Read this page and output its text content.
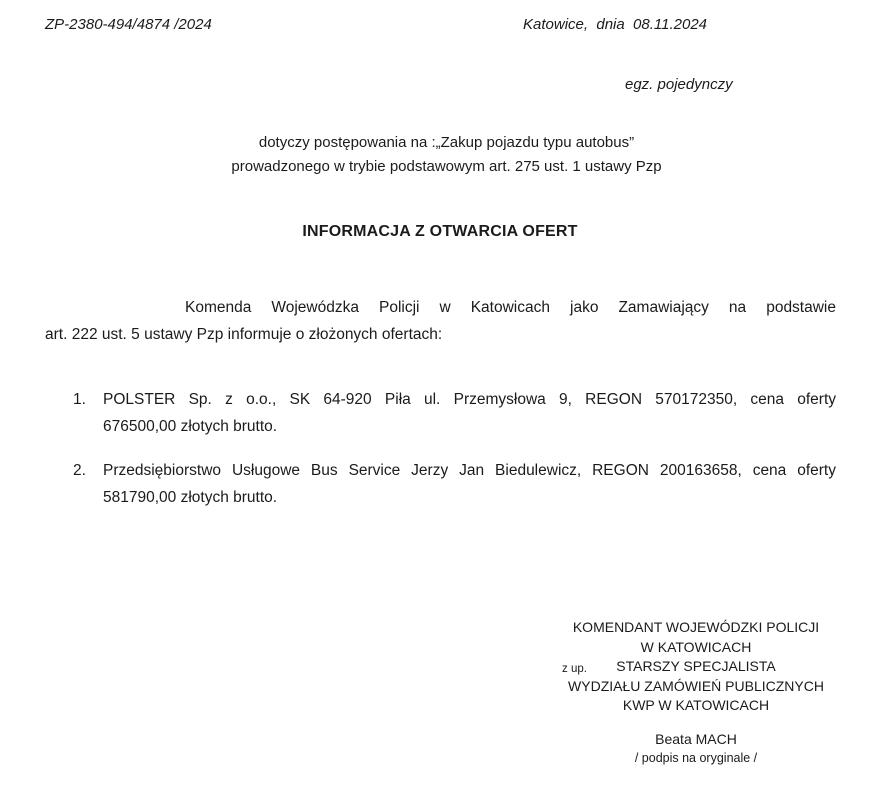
ZP-2380-494/4874 /2024	Katowice,  dnia  08.11.2024
egz. pojedynczy
dotyczy postępowania na :„Zakup pojazdu typu autobus”
prowadzonego w trybie podstawowym art. 275 ust. 1 ustawy Pzp
INFORMACJA Z OTWARCIA OFERT
Komenda Wojewódzka Policji w Katowicach jako Zamawiający na podstawie
art. 222 ust. 5 ustawy Pzp informuje o złożonych ofertach:
1.	POLSTER Sp. z o.o., SK 64-920 Piła ul. Przemysłowa 9, REGON 570172350, cena oferty
676500,00 złotych brutto.
2.	Przedsiębiorstwo Usługowe Bus Service Jerzy Jan Biedulewicz, REGON 200163658, cena oferty
581790,00 złotych brutto.
KOMENDANT WOJEWÓDZKI POLICJI
W KATOWICACH
z up.	STARSZY SPECJALISTA
WYDZIAŁU ZAMÓWIEŃ PUBLICZNYCH
KWP W KATOWICACH
Beata MACH
/ podpis na oryginale /
